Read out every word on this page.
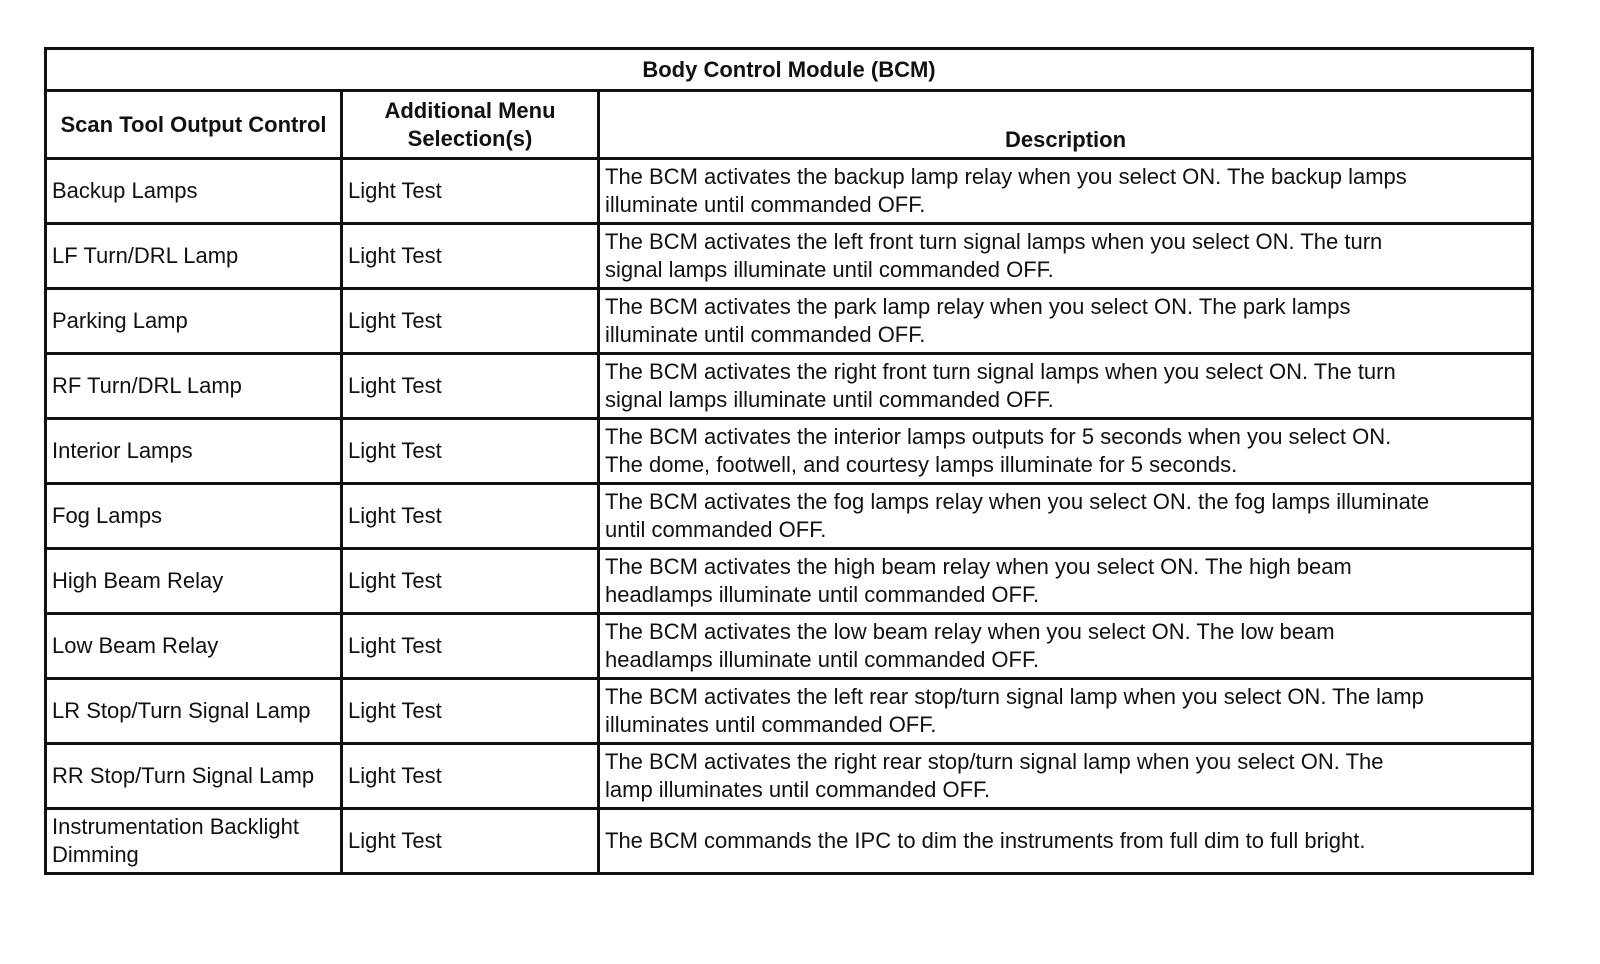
Body Control Module (BCM)		
Scan Tool Output Control	Additional Menu Selection(s)	Description
Backup Lamps	Light Test	The BCM activates the backup lamp relay when you select ON. The backup lamps
illuminate until commanded OFF.

LF Turn/DRL Lamp	Light Test	The BCM activates the left front turn signal lamps when you select ON. The turn
signal lamps illuminate until commanded OFF.

Parking Lamp	Light Test	The BCM activates the park lamp relay when you select ON. The park lamps
illuminate until commanded OFF.

RF Turn/DRL Lamp	Light Test	The BCM activates the right front turn signal lamps when you select ON. The turn
signal lamps illuminate until commanded OFF.

Interior Lamps	Light Test	The BCM activates the interior lamps outputs for 5 seconds when you select ON.
The dome, footwell, and courtesy lamps illuminate for 5 seconds.

Fog Lamps	Light Test	The BCM activates the fog lamps relay when you select ON. the fog lamps illuminate
until commanded OFF.

High Beam Relay	Light Test	The BCM activates the high beam relay when you select ON. The high beam
headlamps illuminate until commanded OFF.

Low Beam Relay	Light Test	The BCM activates the low beam relay when you select ON. The low beam
headlamps illuminate until commanded OFF.

LR Stop/Turn Signal Lamp	Light Test	The BCM activates the left rear stop/turn signal lamp when you select ON. The lamp
illuminates until commanded OFF.

RR Stop/Turn Signal Lamp	Light Test	The BCM activates the right rear stop/turn signal lamp when you select ON. The
lamp illuminates until commanded OFF.

Instrumentation Backlight Dimming	Light Test	The BCM commands the IPC to dim the instruments from full dim to full bright.
